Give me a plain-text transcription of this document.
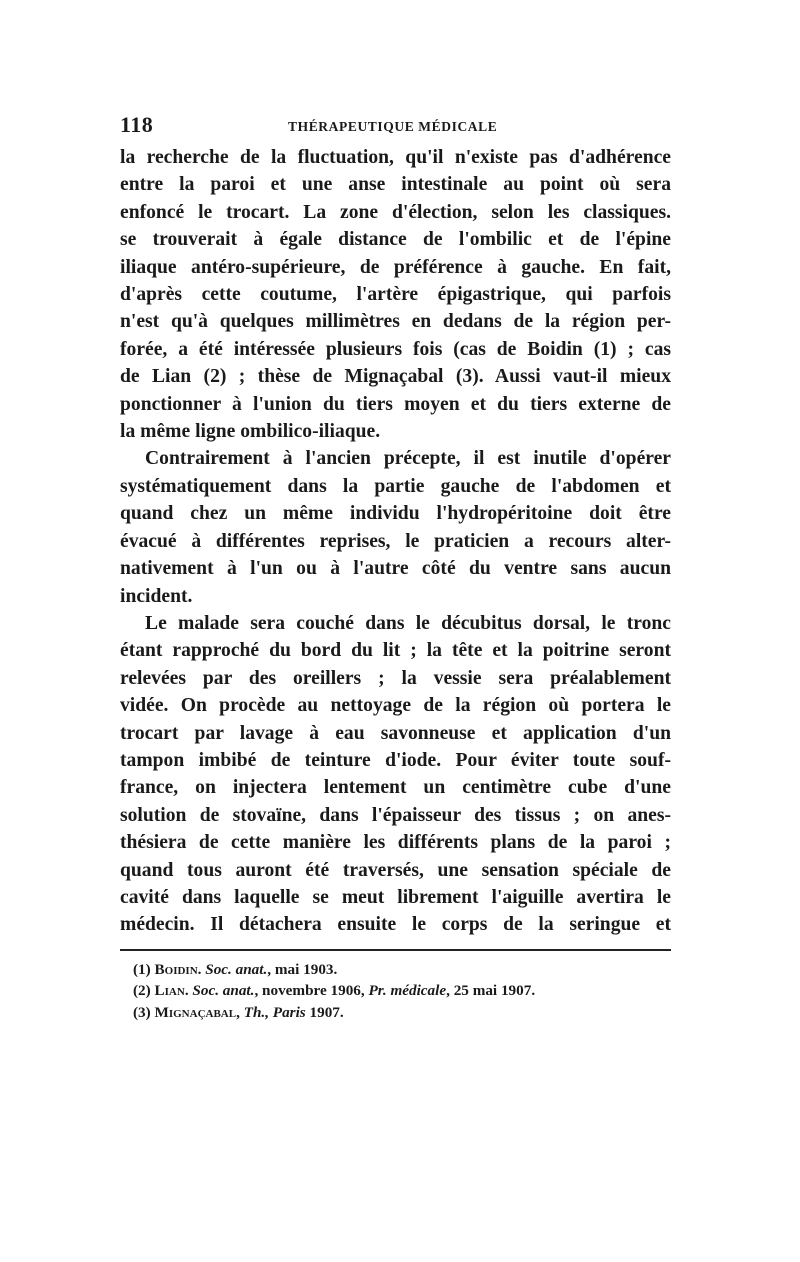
118	THÉRAPEUTIQUE MÉDICALE
la recherche de la fluctuation, qu'il n'existe pas d'adhérence
entre la paroi et une anse intestinale au point où sera
enfoncé le trocart. La zone d'élection, selon les classiques.
se trouverait à égale distance de l'ombilic et de l'épine
iliaque antéro-supérieure, de préférence à gauche. En fait,
d'après cette coutume, l'artère épigastrique, qui parfois
n'est qu'à quelques millimètres en dedans de la région per-
forée, a été intéressée plusieurs fois (cas de Boidin (1) ; cas
de Lian (2) ; thèse de Mignaçabal (3). Aussi vaut-il mieux
ponctionner à l'union du tiers moyen et du tiers externe de
la même ligne ombilico-iliaque.
Contrairement à l'ancien précepte, il est inutile d'opérer
systématiquement dans la partie gauche de l'abdomen et
quand chez un même individu l'hydropéritoine doit être
évacué à différentes reprises, le praticien a recours alter-
nativement à l'un ou à l'autre côté du ventre sans aucun
incident.
Le malade sera couché dans le décubitus dorsal, le tronc
étant rapproché du bord du lit ; la tête et la poitrine seront
relevées par des oreillers ; la vessie sera préalablement
vidée. On procède au nettoyage de la région où portera le
trocart par lavage à eau savonneuse et application d'un
tampon imbibé de teinture d'iode. Pour éviter toute souf-
france, on injectera lentement un centimètre cube d'une
solution de stovaïne, dans l'épaisseur des tissus ; on anes-
thésiera de cette manière les différents plans de la paroi ;
quand tous auront été traversés, une sensation spéciale de
cavité dans laquelle se meut librement l'aiguille avertira le
médecin. Il détachera ensuite le corps de la seringue et
(1) Boidin. Soc. anat., mai 1903.
(2) Lian. Soc. anat., novembre 1906, Pr. médicale, 25 mai 1907.
(3) Mignaçabal, Th., Paris 1907.
